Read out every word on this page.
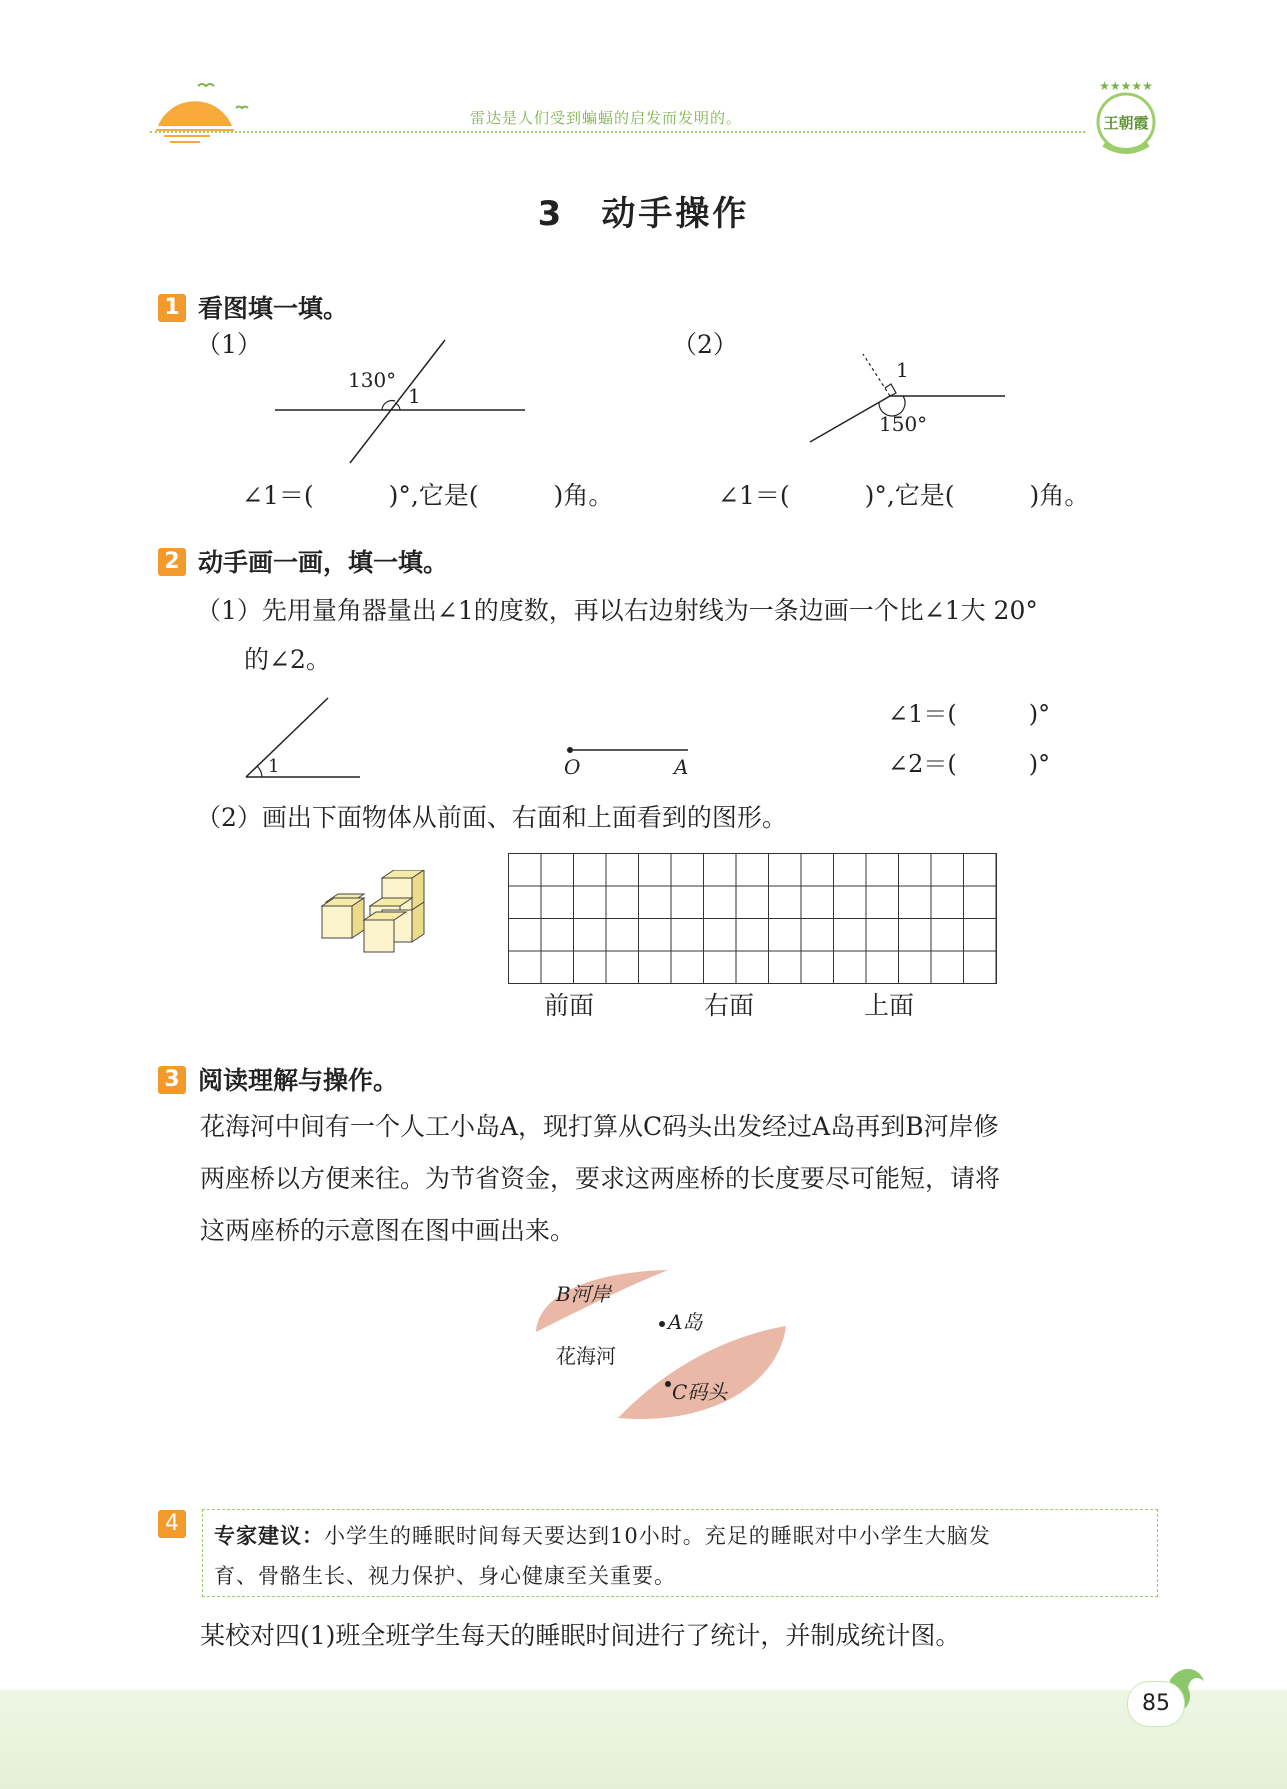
雷达是人们受到蝙蝠的启发而发明的。
★★★★★
王朝霞
3　动手操作
1 看图填一填。
（1）
130°
1
（2）
1
150°
∠1＝(　　　)°,它是(　　　)角。	∠1＝(　　　)°,它是(　　　)角。
2 动手画一画，填一填。
（1）先用量角器量出∠1的度数，再以右边射线为一条边画一个比∠1大 20°
的∠2。
1	O	A
∠1＝(　　　)°
∠2＝(　　　)°
（2）画出下面物体从前面、右面和上面看到的图形。
前面	右面	上面
3 阅读理解与操作。
花海河中间有一个人工小岛A，现打算从C码头出发经过A岛再到B河岸修
两座桥以方便来往。为节省资金，要求这两座桥的长度要尽可能短，请将
这两座桥的示意图在图中画出来。
B河岸
A岛
花海河
C码头
4	专家建议：小学生的睡眠时间每天要达到10小时。充足的睡眠对中小学生大脑发
育、骨骼生长、视力保护、身心健康至关重要。
某校对四(1)班全班学生每天的睡眠时间进行了统计，并制成统计图。
85
